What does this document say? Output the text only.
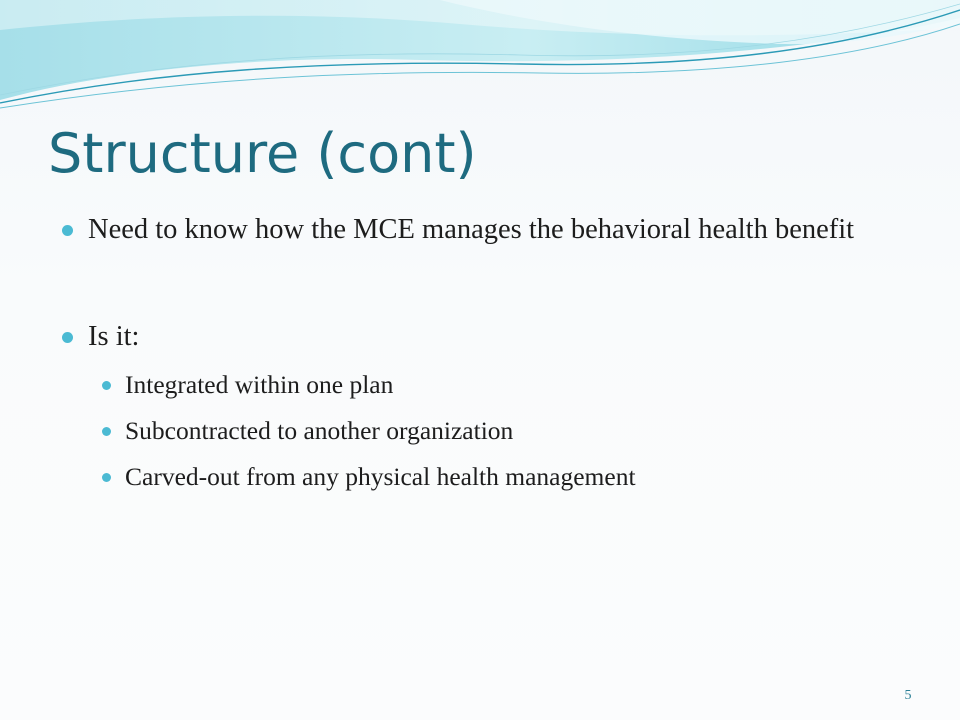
Structure (cont)
Need to know how the MCE manages the behavioral health benefit
Is it:
Integrated within one plan
Subcontracted to another organization
Carved-out from any physical health management
5
